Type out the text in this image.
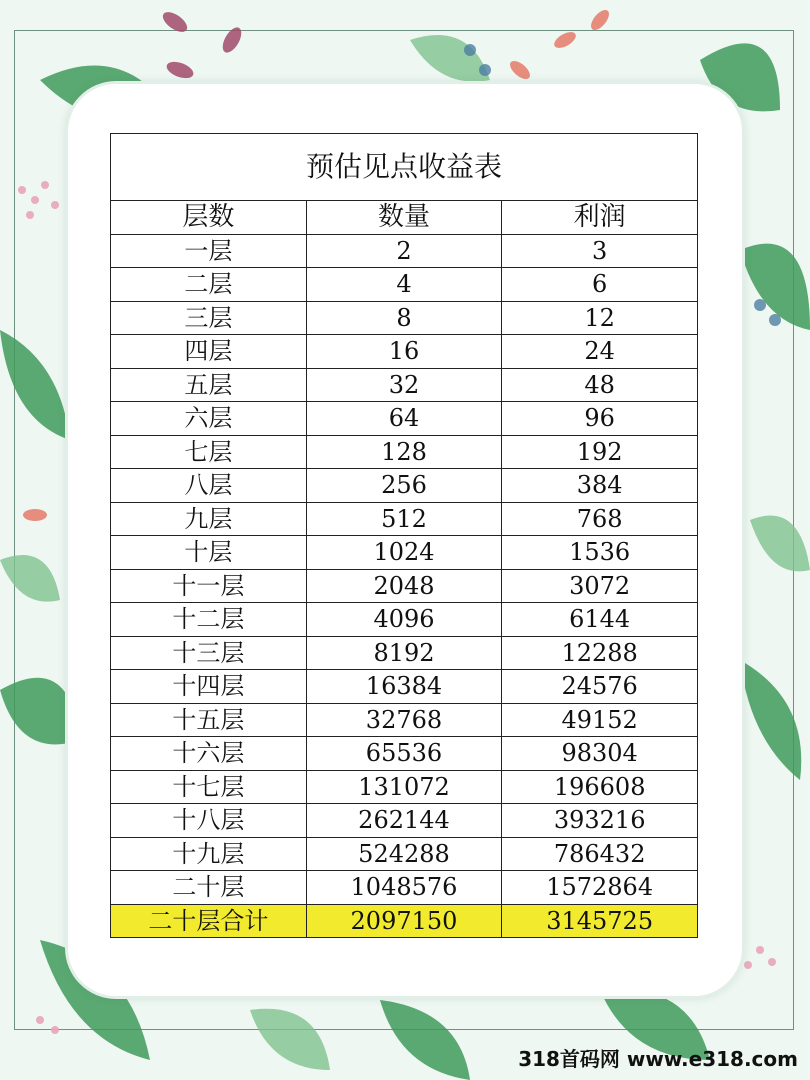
预估见点收益表		
层数	数量	利润
一层	2	3
二层	4	6
三层	8	12
四层	16	24
五层	32	48
六层	64	96
七层	128	192
八层	256	384
九层	512	768
十层	1024	1536
十一层	2048	3072
十二层	4096	6144
十三层	8192	12288
十四层	16384	24576
十五层	32768	49152
十六层	65536	98304
十七层	131072	196608
十八层	262144	393216
十九层	524288	786432
二十层	1048576	1572864
二十层合计	2097150	3145725
318首码网 www.e318.com
